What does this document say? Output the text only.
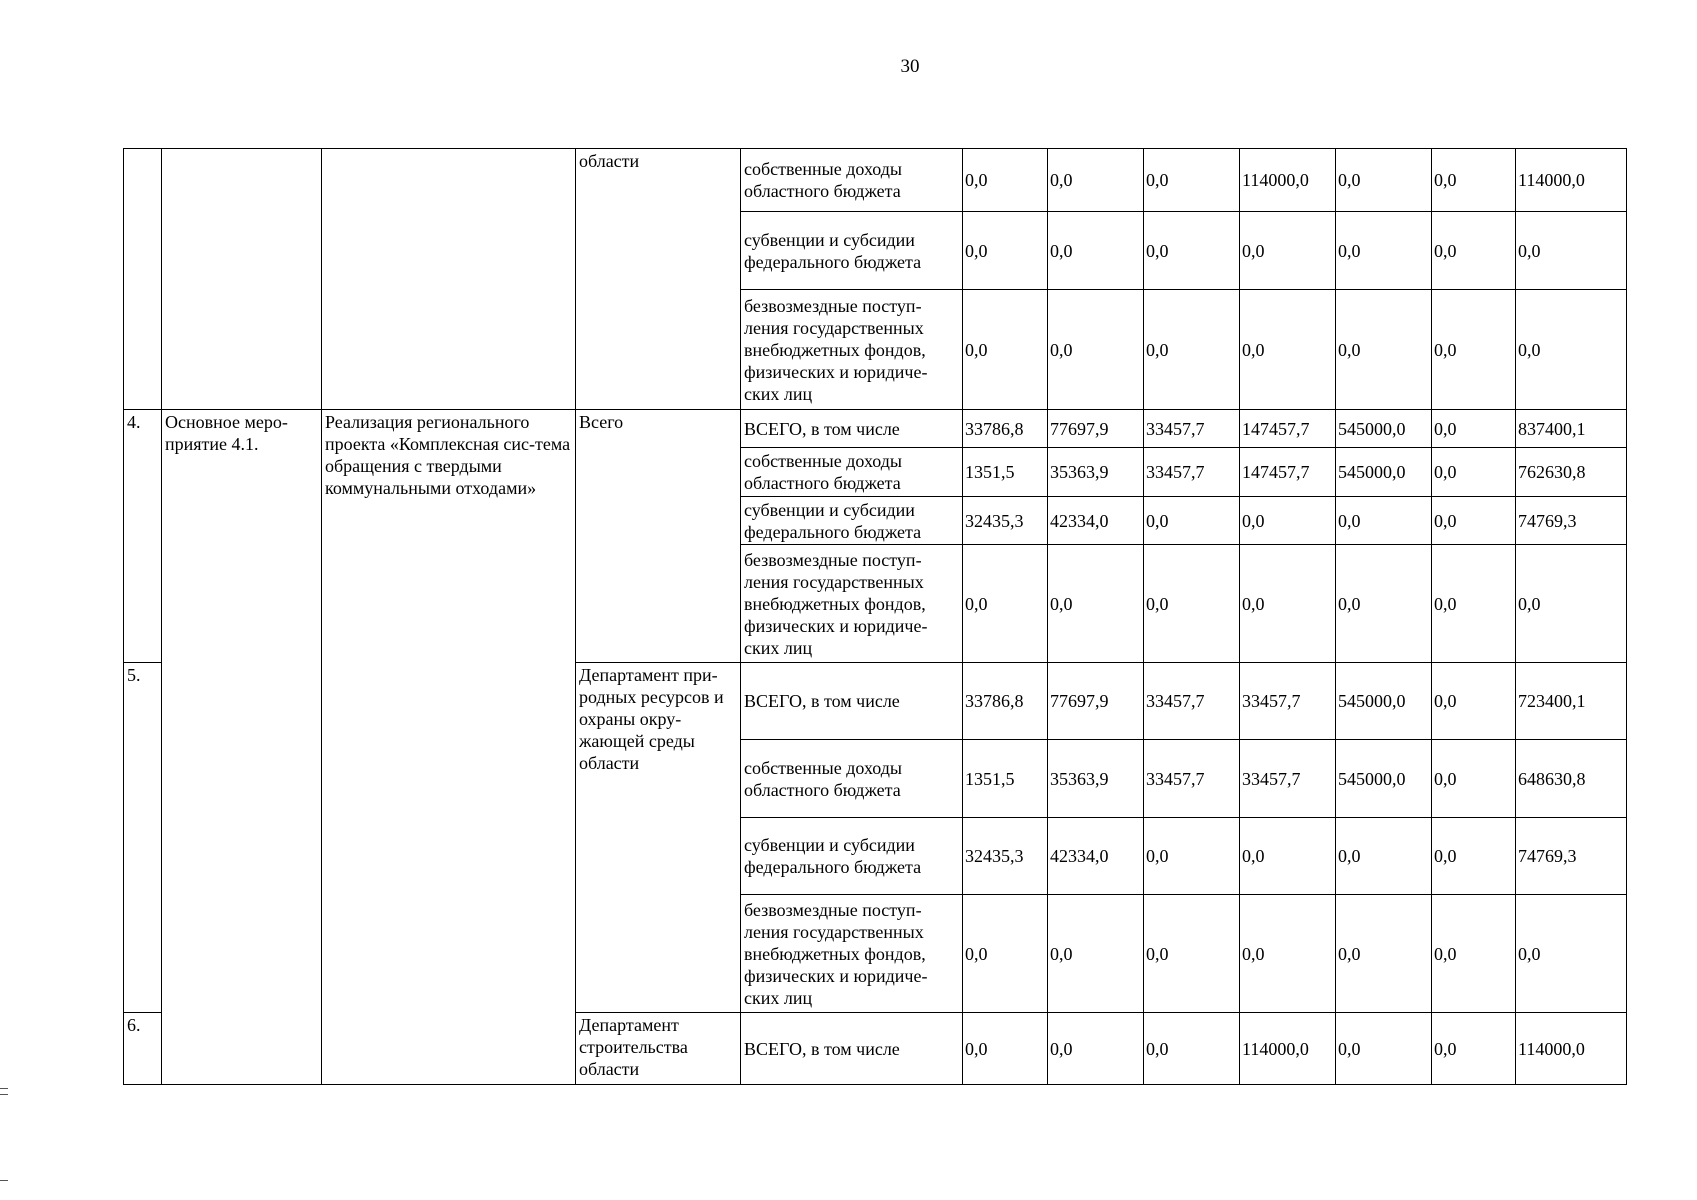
30
			области	собственные доходы областного бюджета	0,0	0,0	0,0	114000,0	0,0	0,0	114000,0
				субвенции и субсидии федерального бюджета	0,0	0,0	0,0	0,0	0,0	0,0	0,0
				безвозмездные поступ-ления государственных внебюджетных фондов, физических и юридиче-ских лиц	0,0	0,0	0,0	0,0	0,0	0,0	0,0
4.	Основное меро-приятие 4.1.	Реализация регионального проекта «Комплексная сис-тема обращения с твердыми коммунальными отходами»	Всего	ВСЕГО, в том числе	33786,8	77697,9	33457,7	147457,7	545000,0	0,0	837400,1
				собственные доходы областного бюджета	1351,5	35363,9	33457,7	147457,7	545000,0	0,0	762630,8
				субвенции и субсидии федерального бюджета	32435,3	42334,0	0,0	0,0	0,0	0,0	74769,3
				безвозмездные поступ-ления государственных внебюджетных фондов, физических и юридиче-ских лиц	0,0	0,0	0,0	0,0	0,0	0,0	0,0
5.			Департамент при-родных ресурсов и охраны окру-жающей среды области	ВСЕГО, в том числе	33786,8	77697,9	33457,7	33457,7	545000,0	0,0	723400,1
				собственные доходы областного бюджета	1351,5	35363,9	33457,7	33457,7	545000,0	0,0	648630,8
				субвенции и субсидии федерального бюджета	32435,3	42334,0	0,0	0,0	0,0	0,0	74769,3
				безвозмездные поступ-ления государственных внебюджетных фондов, физических и юридиче-ских лиц	0,0	0,0	0,0	0,0	0,0	0,0	0,0
6.			Департамент строительства области	ВСЕГО, в том числе	0,0	0,0	0,0	114000,0	0,0	0,0	114000,0
